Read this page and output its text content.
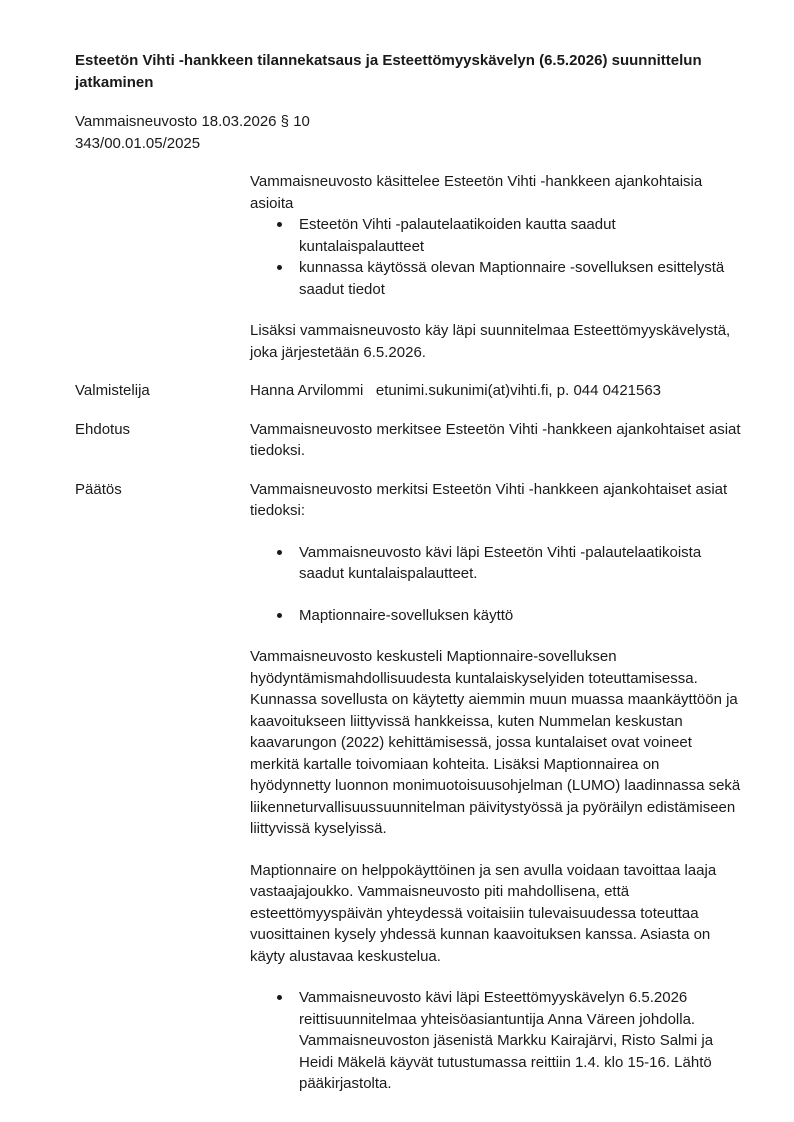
Esteetön Vihti -hankkeen tilannekatsaus ja Esteettömyyskävelyn (6.5.2026) suunnittelun jatkaminen
Vammaisneuvosto 18.03.2026 § 10
343/00.01.05/2025

Vammaisneuvosto käsittelee Esteetön Vihti -hankkeen ajankohtaisia asioita

Esteetön Vihti -palautelaatikoiden kautta saadut kuntalaispalautteet
kunnassa käytössä olevan Maptionnaire -sovelluksen esittelystä saadut tiedot

Lisäksi vammaisneuvosto käy läpi suunnitelmaa Esteettömyyskävelystä, joka järjestetään 6.5.2026.

Valmistelija	Hanna Arvilommi   etunimi.sukunimi(at)vihti.fi, p. 044 0421563
Ehdotus	Vammaisneuvosto merkitsee Esteetön Vihti -hankkeen ajankohtaiset asiat tiedoksi.
Päätös	Vammaisneuvosto merkitsi Esteetön Vihti -hankkeen ajankohtaiset asiat tiedoksi:

Vammaisneuvosto kävi läpi Esteetön Vihti -palautelaatikoista saadut kuntalaispalautteet.
Maptionnaire-sovelluksen käyttö

Vammaisneuvosto keskusteli Maptionnaire-sovelluksen hyödyntämismahdollisuudesta kuntalaiskyselyiden toteuttamisessa. Kunnassa sovellusta on käytetty aiemmin muun muassa maankäyttöön ja kaavoitukseen liittyvissä hankkeissa, kuten Nummelan keskustan kaavarungon (2022) kehittämisessä, jossa kuntalaiset ovat voineet merkitä kartalle toivomiaan kohteita. Lisäksi Maptionnairea on hyödynnetty luonnon monimuotoisuusohjelman (LUMO) laadinnassa sekä liikenneturvallisuussuunnitelman päivitystyössä ja pyöräilyn edistämiseen liittyvissä kyselyissä.

Maptionnaire on helppokäyttöinen ja sen avulla voidaan tavoittaa laaja vastaajajoukko. Vammaisneuvosto piti mahdollisena, että esteettömyyspäivän yhteydessä voitaisiin tulevaisuudessa toteuttaa vuosittainen kysely yhdessä kunnan kaavoituksen kanssa. Asiasta on käyty alustavaa keskustelua.

Vammaisneuvosto kävi läpi Esteettömyyskävelyn 6.5.2026 reittisuunnitelmaa yhteisöasiantuntija Anna Väreen johdolla. Vammaisneuvoston jäsenistä Markku Kairajärvi, Risto Salmi ja Heidi Mäkelä käyvät tutustumassa reittiin 1.4. klo 15-16. Lähtö pääkirjastolta.
